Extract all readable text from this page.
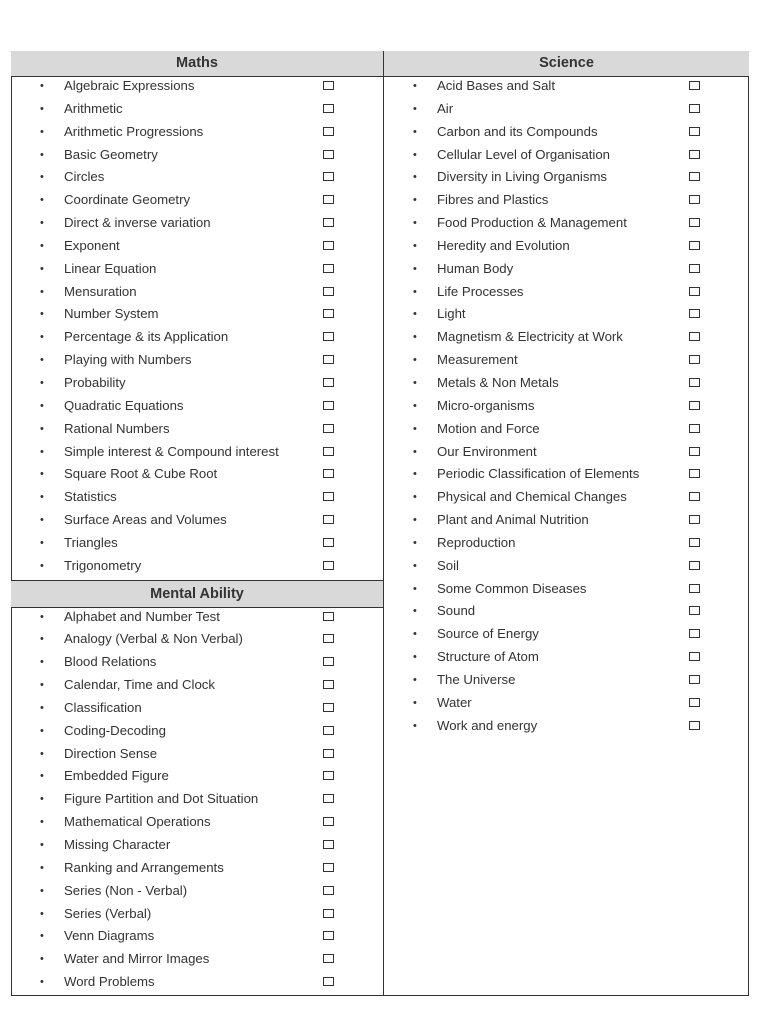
Maths
• Algebraic Expressions
• Arithmetic
• Arithmetic Progressions
• Basic Geometry
• Circles
• Coordinate Geometry
• Direct & inverse variation
• Exponent
• Linear Equation
• Mensuration
• Number System
• Percentage & its Application
• Playing with Numbers
• Probability
• Quadratic Equations
• Rational Numbers
• Simple interest & Compound interest
• Square Root & Cube Root
• Statistics
• Surface Areas and Volumes
• Triangles
• Trigonometry
Mental Ability
• Alphabet and Number Test
• Analogy (Verbal & Non Verbal)
• Blood Relations
• Calendar, Time and Clock
• Classification
• Coding-Decoding
• Direction Sense
• Embedded Figure
• Figure Partition and Dot Situation
• Mathematical Operations
• Missing Character
• Ranking and Arrangements
• Series (Non - Verbal)
• Series (Verbal)
• Venn Diagrams
• Water and Mirror Images
• Word Problems
Science
• Acid Bases and Salt
• Air
• Carbon and its Compounds
• Cellular Level of Organisation
• Diversity in Living Organisms
• Fibres and Plastics
• Food Production & Management
• Heredity and Evolution
• Human Body
• Life Processes
• Light
• Magnetism & Electricity at Work
• Measurement
• Metals & Non Metals
• Micro-organisms
• Motion and Force
• Our Environment
• Periodic Classification of Elements
• Physical and Chemical Changes
• Plant and Animal Nutrition
• Reproduction
• Soil
• Some Common Diseases
• Sound
• Source of Energy
• Structure of Atom
• The Universe
• Water
• Work and energy
